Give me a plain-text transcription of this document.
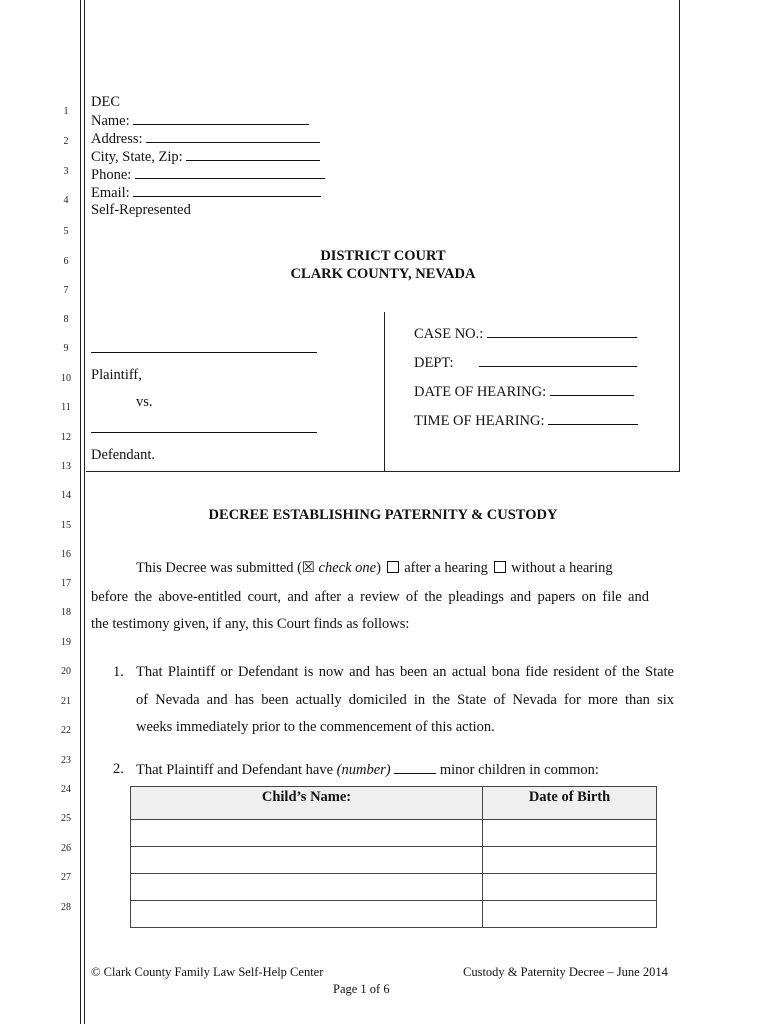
1
2
3
4
5
6
7
8
9
10
11
12
13
14
15
16
17
18
19
20
21
22
23
24
25
26
27
28
DEC
Name:
Address:
City, State, Zip:
Phone:
Email:
Self-Represented
DISTRICT COURT
CLARK COUNTY, NEVADA
Plaintiff,
vs.
Defendant.
CASE NO.:
DEPT:
DATE OF HEARING:
TIME OF HEARING:
DECREE ESTABLISHING PATERNITY & CUSTODY
This Decree was submitted (☒ check one) after a hearing without a hearing
before the above-entitled court, and after a review of the pleadings and papers on file and
the testimony given, if any, this Court finds as follows:
1. That Plaintiff or Defendant is now and has been an actual bona fide resident of the State
of Nevada and has been actually domiciled in the State of Nevada for more than six
weeks immediately prior to the commencement of this action.
2. That Plaintiff and Defendant have (number)	minor children in common:
Child’s Name:	Date of Birth

© Clark County Family Law Self-Help Center	Custody & Paternity Decree – June 2014
Page 1 of 6
